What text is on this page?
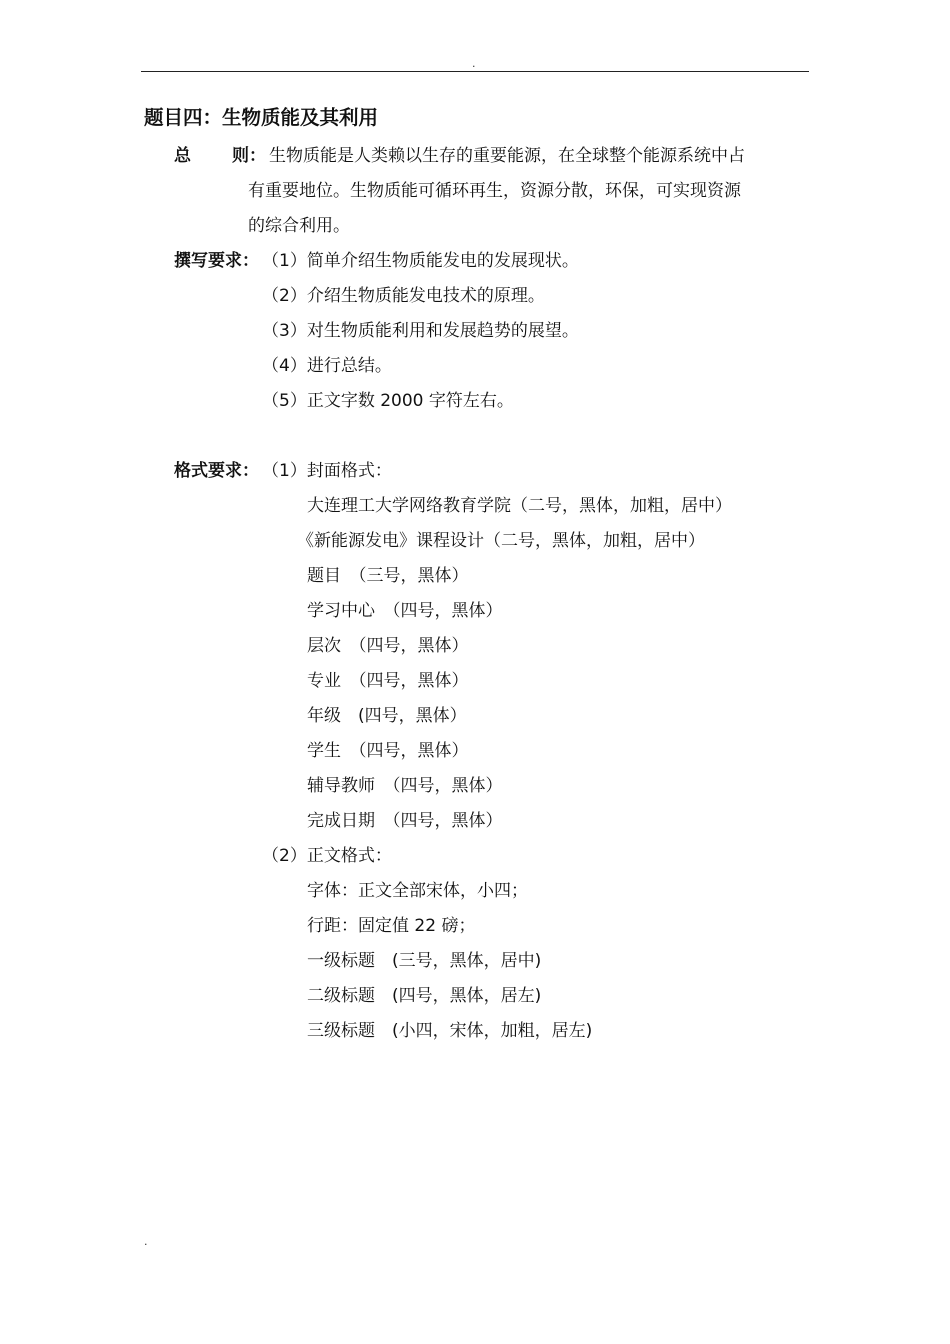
.
题目四：生物质能及其利用
总 则： 生物质能是人类赖以生存的重要能源，在全球整个能源系统中占
有重要地位。生物质能可循环再生，资源分散，环保，可实现资源
的综合利用。
撰写要求： （1）简单介绍生物质能发电的发展现状。
（2）介绍生物质能发电技术的原理。
（3）对生物质能利用和发展趋势的展望。
（4）进行总结。
（5）正文字数 2000 字符左右。
格式要求： （1）封面格式：
大连理工大学网络教育学院（二号，黑体，加粗，居中）
《新能源发电》课程设计（二号，黑体，加粗，居中）
题目　（三号，黑体）
学习中心　（四号，黑体）
层次　（四号，黑体）
专业　（四号，黑体）
年级　(四号，黑体）
学生　（四号，黑体）
辅导教师　（四号，黑体）
完成日期　（四号，黑体）
（2）正文格式：
字体：正文全部宋体，小四；
行距：固定值 22 磅；
一级标题　(三号，黑体，居中)
二级标题　(四号，黑体，居左)
三级标题　(小四，宋体，加粗，居左)
.
